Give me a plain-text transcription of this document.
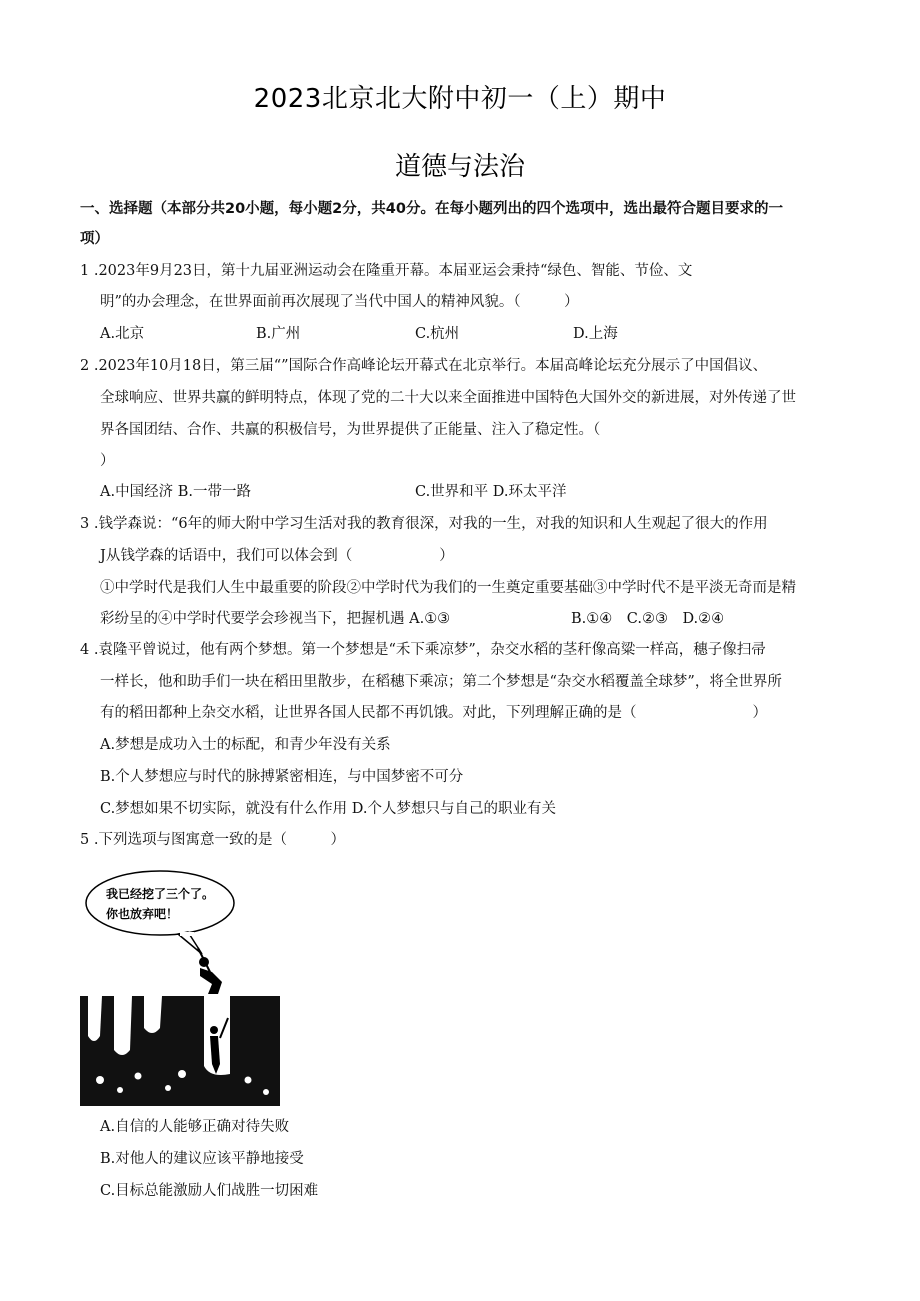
2023北京北大附中初一（上）期中
道德与法治
一、选择题（本部分共20小题，每小题2分，共40分。在每小题列出的四个选项中，选出最符合题目要求的一
项）
1 .2023年9月23日，第十九届亚洲运动会在隆重开幕。本届亚运会秉持“绿色、智能、节俭、文
明”的办会理念，在世界面前再次展现了当代中国人的精神风貌。（　　　）
A.北京	B.广州	C.杭州	D.上海
2 .2023年10月18日，第三届“”国际合作高峰论坛开幕式在北京举行。本届高峰论坛充分展示了中国倡议、
全球响应、世界共赢的鲜明特点，体现了党的二十大以来全面推进中国特色大国外交的新进展，对外传递了世
界各国团结、合作、共赢的积极信号，为世界提供了正能量、注入了稳定性。（
）
A.中国经济 B.一带一路	C.世界和平 D.环太平洋
3 .钱学森说：“6年的师大附中学习生活对我的教育很深，对我的一生，对我的知识和人生观起了很大的作用
J从钱学森的话语中，我们可以体会到（　　　　　　）
①中学时代是我们人生中最重要的阶段②中学时代为我们的一生奠定重要基础③中学时代不是平淡无奇而是精
彩纷呈的④中学时代要学会珍视当下，把握机遇 A.①③	B.①④　C.②③　D.②④
4 .袁隆平曾说过，他有两个梦想。第一个梦想是“禾下乘凉梦”，杂交水稻的茎秆像高粱一样高，穗子像扫帚
一样长，他和助手们一块在稻田里散步，在稻穗下乘凉；第二个梦想是“杂交水稻覆盖全球梦”，将全世界所
有的稻田都种上杂交水稻，让世界各国人民都不再饥饿。对此，下列理解正确的是（　　　　　　　　）
A.梦想是成功入士的标配，和青少年没有关系
B.个人梦想应与时代的脉搏紧密相连，与中国梦密不可分
C.梦想如果不切实际，就没有什么作用 D.个人梦想只与自己的职业有关
5 .下列选项与图寓意一致的是（　　　）
我已经挖了三个了。
你也放弃吧！
A.自信的人能够正确对待失败
B.对他人的建议应该平静地接受
C.目标总能激励人们战胜一切困难
